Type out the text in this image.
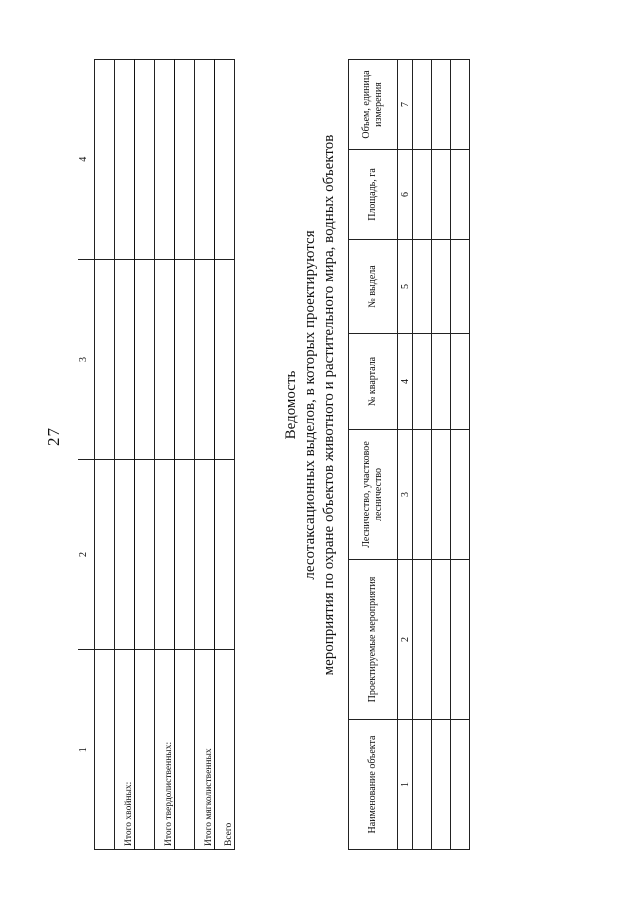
27
1	2	3	4

Итого хвойных:			

Итого твердолиственных:			

Итого мягколиственных			
Всего			
Ведомость лесотаксационных выделов, в которых проектируются мероприятия по охране объектов животного и растительного мира, водных объектов
Наименование объекта	Проектируемые мероприятия	Лесничество, участковое лесничество	№ квартала	№ выдела	Площадь, га	Объем, единица измерения
1	2	3	4	5	6	7
